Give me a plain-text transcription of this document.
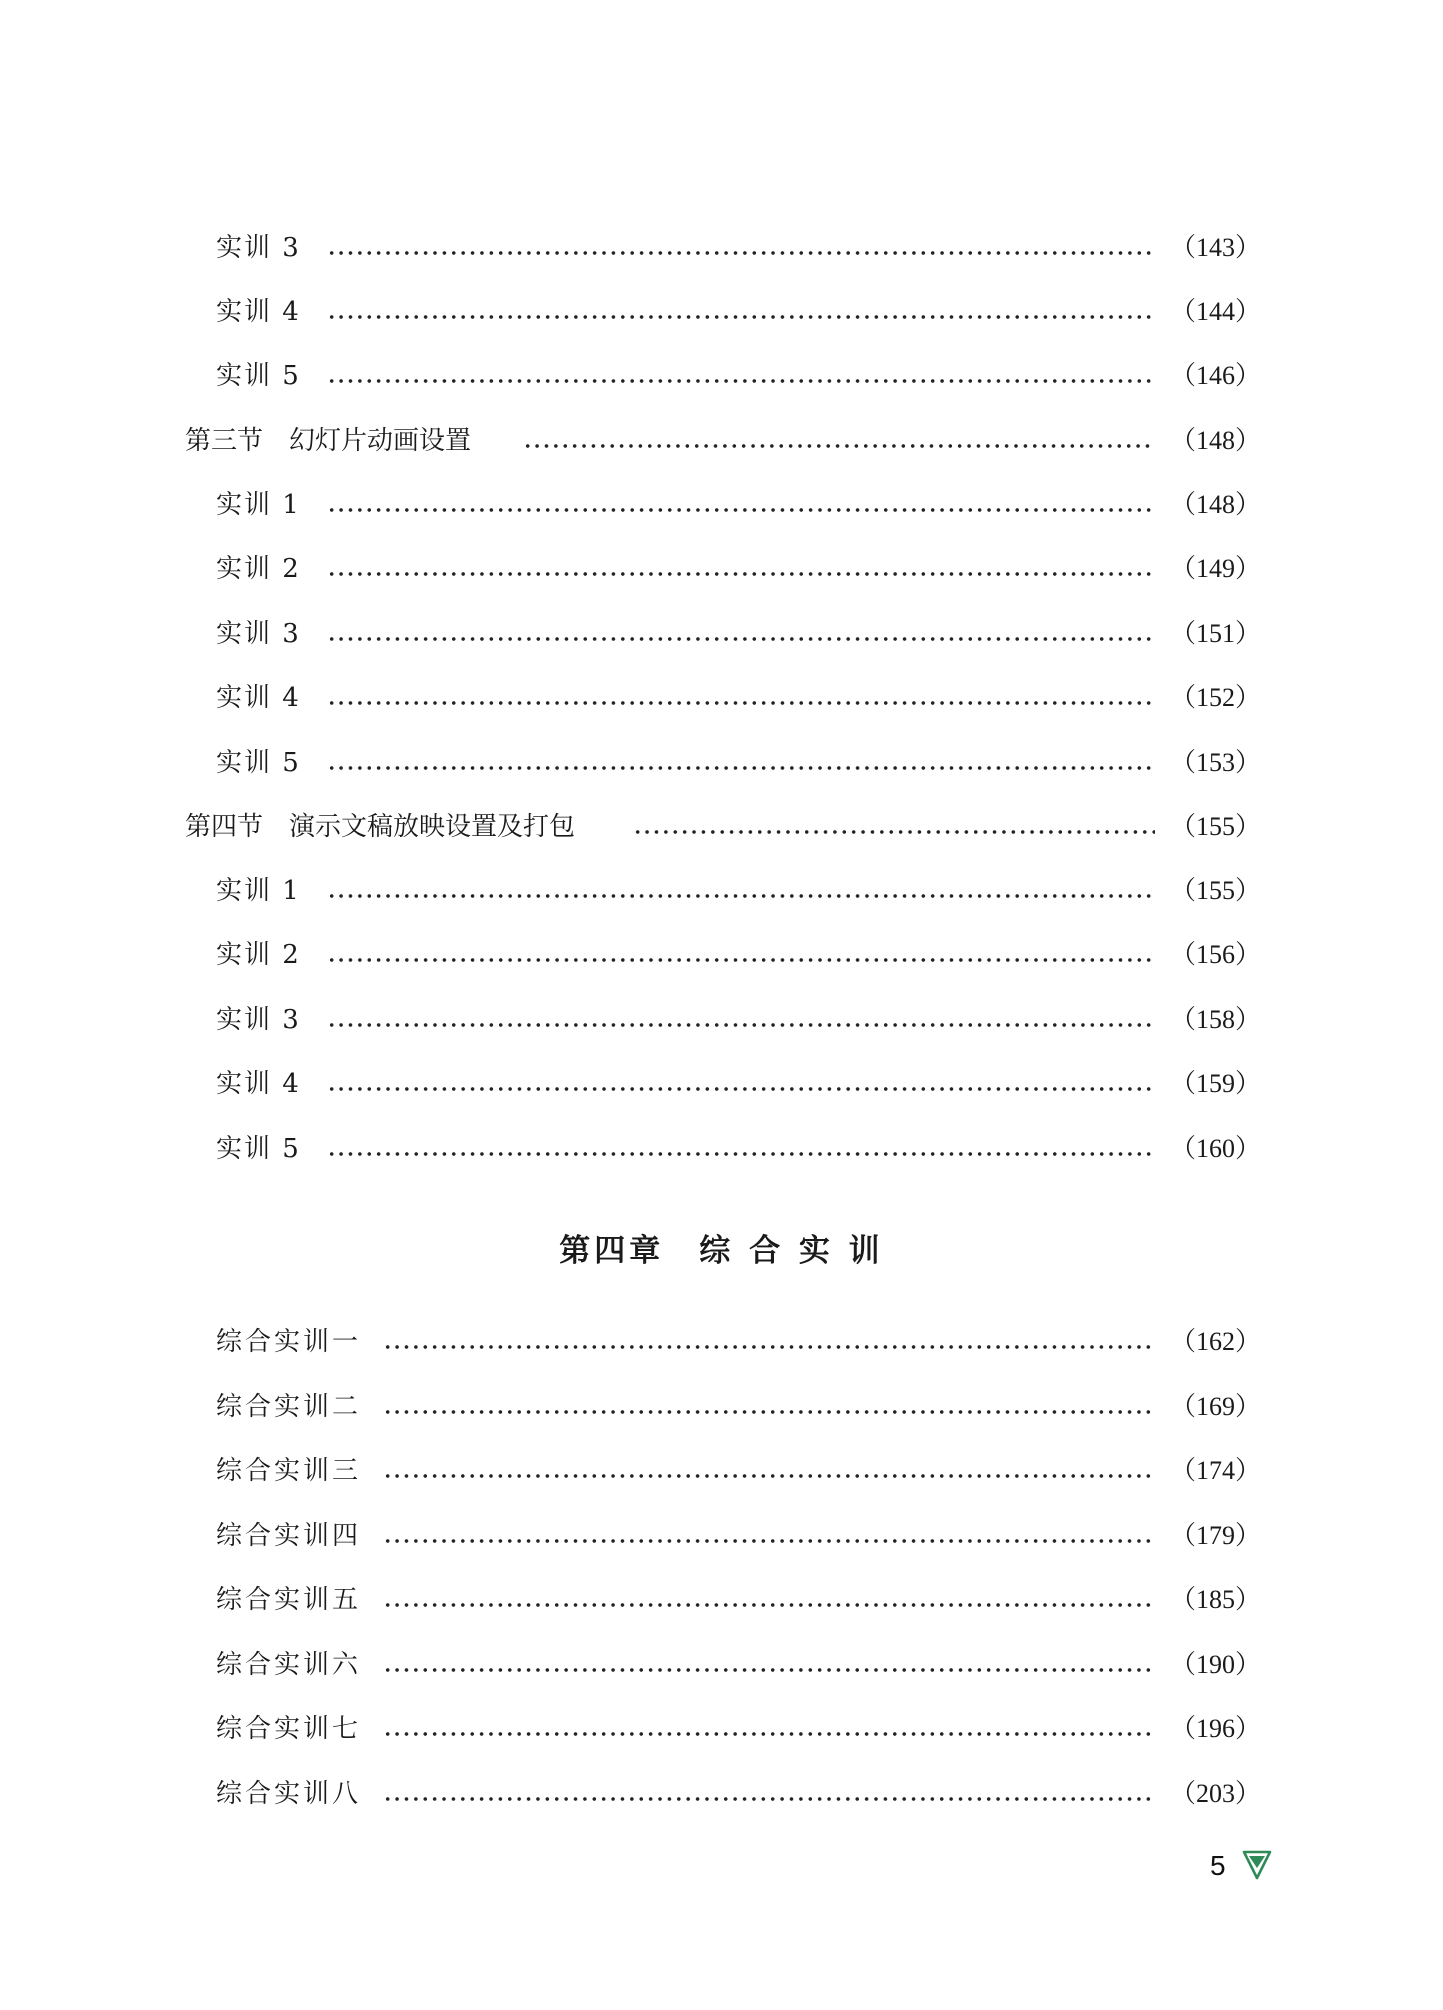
实训 3	（143）
实训 4	（144）
实训 5	（146）
第三节　幻灯片动画设置	（148）
实训 1	（148）
实训 2	（149）
实训 3	（151）
实训 4	（152）
实训 5	（153）
第四节　演示文稿放映设置及打包	（155）
实训 1	（155）
实训 2	（156）
实训 3	（158）
实训 4	（159）
实训 5	（160）
第四章　综 合 实 训
综合实训一	（162）
综合实训二	（169）
综合实训三	（174）
综合实训四	（179）
综合实训五	（185）
综合实训六	（190）
综合实训七	（196）
综合实训八	（203）
5
